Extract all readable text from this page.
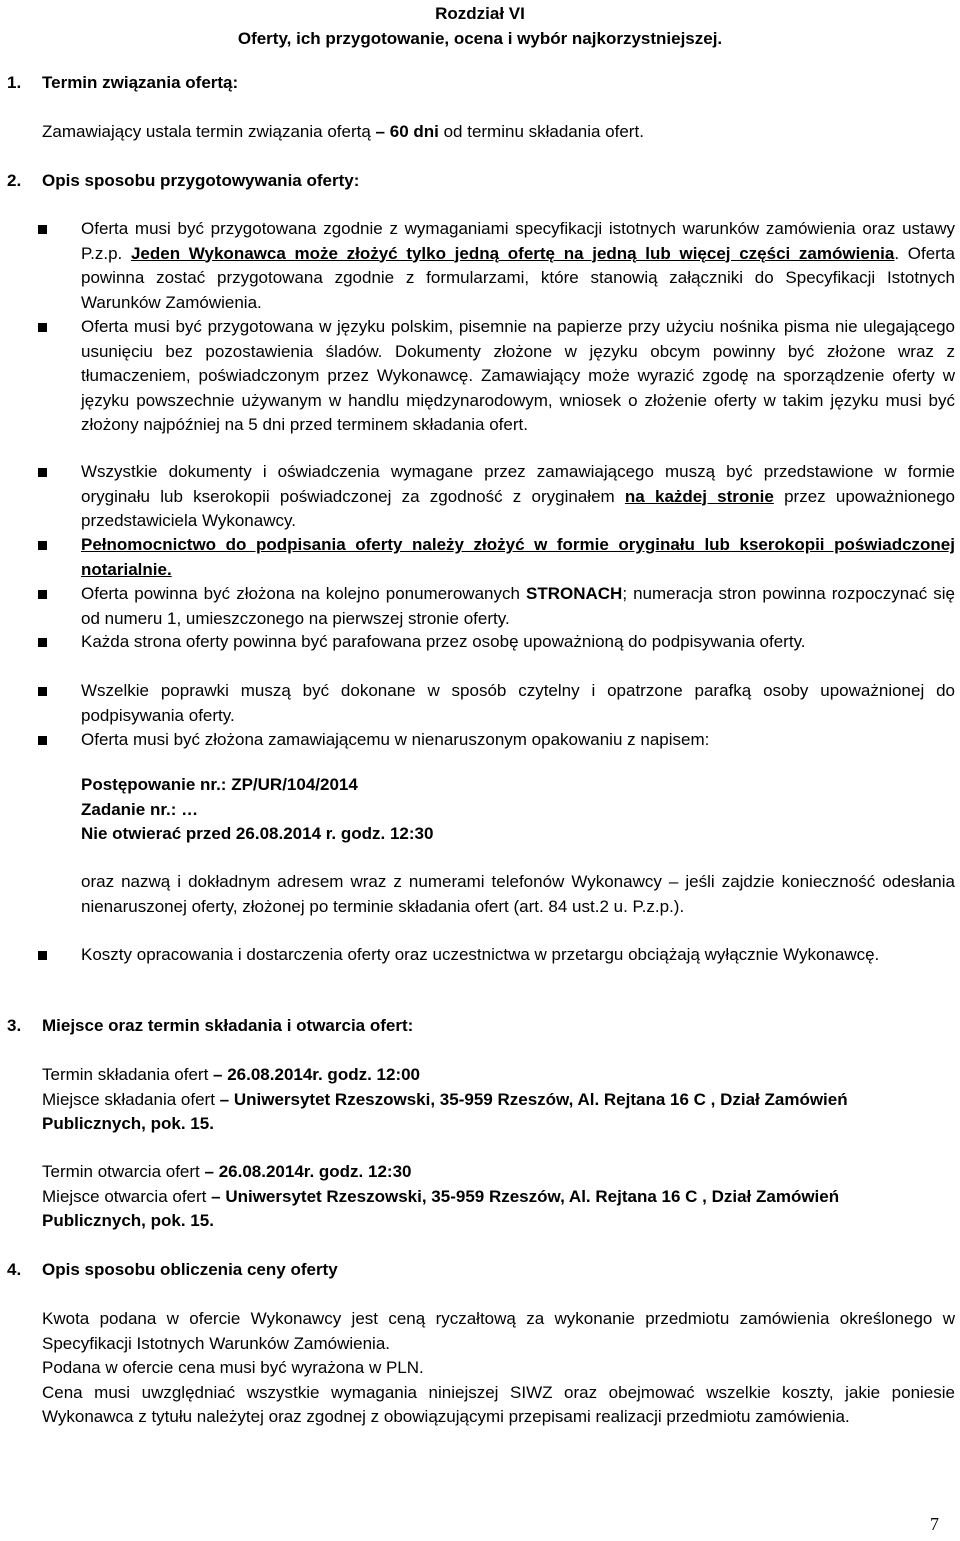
Rozdział VI
Oferty, ich przygotowanie, ocena i wybór najkorzystniejszej.
1. Termin związania ofertą:
Zamawiający ustala termin związania ofertą – 60 dni od terminu składania ofert.
2. Opis sposobu przygotowywania oferty:
Oferta musi być przygotowana zgodnie z wymaganiami specyfikacji istotnych warunków zamówienia oraz ustawy P.z.p. Jeden Wykonawca może złożyć tylko jedną ofertę na jedną lub więcej części zamówienia. Oferta powinna zostać przygotowana zgodnie z formularzami, które stanowią załączniki do Specyfikacji Istotnych Warunków Zamówienia.
Oferta musi być przygotowana w języku polskim, pisemnie na papierze przy użyciu nośnika pisma nie ulegającego usunięciu bez pozostawienia śladów. Dokumenty złożone w języku obcym powinny być złożone wraz z tłumaczeniem, poświadczonym przez Wykonawcę. Zamawiający może wyrazić zgodę na sporządzenie oferty w języku powszechnie używanym w handlu międzynarodowym, wniosek o złożenie oferty w takim języku musi być złożony najpóźniej na 5 dni przed terminem składania ofert.
Wszystkie dokumenty i oświadczenia wymagane przez zamawiającego muszą być przedstawione w formie oryginału lub kserokopii poświadczonej za zgodność z oryginałem na każdej stronie przez upoważnionego przedstawiciela Wykonawcy.
Pełnomocnictwo do podpisania oferty należy złożyć w formie oryginału lub kserokopii poświadczonej notarialnie.
Oferta powinna być złożona na kolejno ponumerowanych STRONACH; numeracja stron powinna rozpoczynać się od numeru 1, umieszczonego na pierwszej stronie oferty.
Każda strona oferty powinna być parafowana przez osobę upoważnioną do podpisywania oferty.
Wszelkie poprawki muszą być dokonane w sposób czytelny i opatrzone parafką osoby upoważnionej do podpisywania oferty.
Oferta musi być złożona zamawiającemu w nienaruszonym opakowaniu z napisem:
Postępowanie nr.: ZP/UR/104/2014
Zadanie nr.: …
Nie otwierać przed 26.08.2014 r. godz. 12:30
oraz nazwą i dokładnym adresem wraz z numerami telefonów Wykonawcy – jeśli zajdzie konieczność odesłania nienaruszonej oferty, złożonej po terminie składania ofert (art. 84 ust.2 u. P.z.p.).
Koszty opracowania i dostarczenia oferty oraz uczestnictwa w przetargu obciążają wyłącznie Wykonawcę.
3. Miejsce oraz termin składania i otwarcia ofert:
Termin składania ofert – 26.08.2014r. godz. 12:00
Miejsce składania ofert – Uniwersytet Rzeszowski, 35-959 Rzeszów, Al. Rejtana 16 C , Dział Zamówień Publicznych, pok. 15.
Termin otwarcia ofert – 26.08.2014r. godz. 12:30
Miejsce otwarcia ofert – Uniwersytet Rzeszowski, 35-959 Rzeszów, Al. Rejtana 16 C , Dział Zamówień Publicznych, pok. 15.
4. Opis sposobu obliczenia ceny oferty
Kwota podana w ofercie Wykonawcy jest ceną ryczałtową za wykonanie przedmiotu zamówienia określonego w Specyfikacji Istotnych Warunków Zamówienia.
Podana w ofercie cena musi być wyrażona w PLN.
Cena musi uwzględniać wszystkie wymagania niniejszej SIWZ oraz obejmować wszelkie koszty, jakie poniesie Wykonawca z tytułu należytej oraz zgodnej z obowiązującymi przepisami realizacji przedmiotu zamówienia.
7
